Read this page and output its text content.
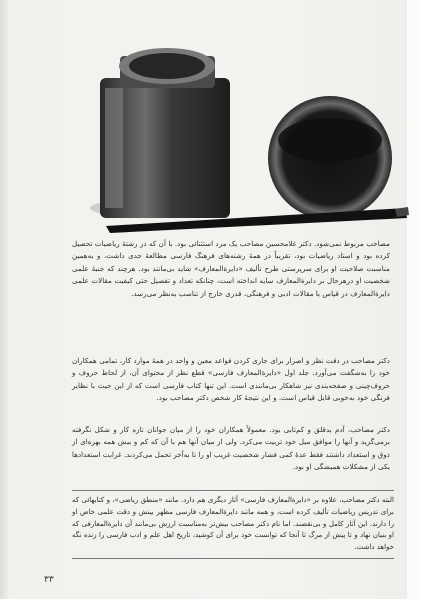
مصاحب مربوط نمی‌شود. دکتر غلامحسین مصاحب یک مرد استثنائی بود. با آن که در رشتهٔ ریاضیات تحصیل کرده بود و استاد ریاضیات بود، تقریباً در همهٔ رشته‌های فرهنگ فارسی مطالعهٔ جدی داشت، و به‌همین مناسبت صلاحیت او برای سرپرستی طرح تألیف «دایرة‌المعارف» شاید بی‌مانند بود. هرچند که جنبهٔ علمی شخصیت او درهرحال بر دایرة‌المعارف سایه انداخته است، چنانکه تعداد و تفصیل حتی کیفیت مقالات علمی دایرة‌المعارف در قیاس با مقالات ادبی و فرهنگی، قدری خارج از تناسب به‌نظر می‌رسد.
دکتر مصاحب در دقت نظر و اصرار برای جاری کردن قواعد معین و واحد در همهٔ موارد کار، تمامی همکاران خود را به‌شگفت می‌آورد. جلد اول «دایرة‌المعارف فارسی» قطع نظر از محتوای آن، از لحاظ حروف و حروف‌چینی و صفحه‌بندی نیز شاهکار بی‌مانندی است. این تنها کتاب فارسی است که از این حیث با نظایر فرنگی خود به‌خوبی قابل قیاس است. و این نتیجهٔ کار شخص دکتر مصاحب بود.
دکتر مصاحب، آدم بدقلق و کم‌تابی بود. معمولاً همکاران خود را از میان جوانان تازه کار و شکل نگرفته برمی‌گزید و آنها را موافق میل خود تربیت می‌کرد. ولی از میان آنها هم با آن که کم و بیش همه بهره‌ای از ذوق و استعداد داشتند فقط عدهٔ کمی فشار شخصیت غریب او را تا به‌آخر تحمل می‌کردند. غرابت استعدادها یکی از مشکلات همیشگی او بود.
البته دکتر مصاحب، علاوه بر «دایرة‌المعارف فارسی» آثار دیگری هم دارد. مانند «منطق ریاضی»، و کتابهائی که برای تدریس ریاضیات تألیف کرده است، و همه مانند دایرة‌المعارف فارسی مظهر بینش و دقت علمی خاص او را دارند. این آثار کامل و بی‌نقصند. اما نام دکتر مصاحب بیش‌تر به‌مناسبت ارزش بی‌مانند آن دایرة‌المعارفی که او بنیان نهاد و تا پیش از مرگ تا آنجا که توانست خود برای آن کوشید، تاریخ اهل علم و ادب فارسی را زنده نگه خواهد داشت.
۳۳
